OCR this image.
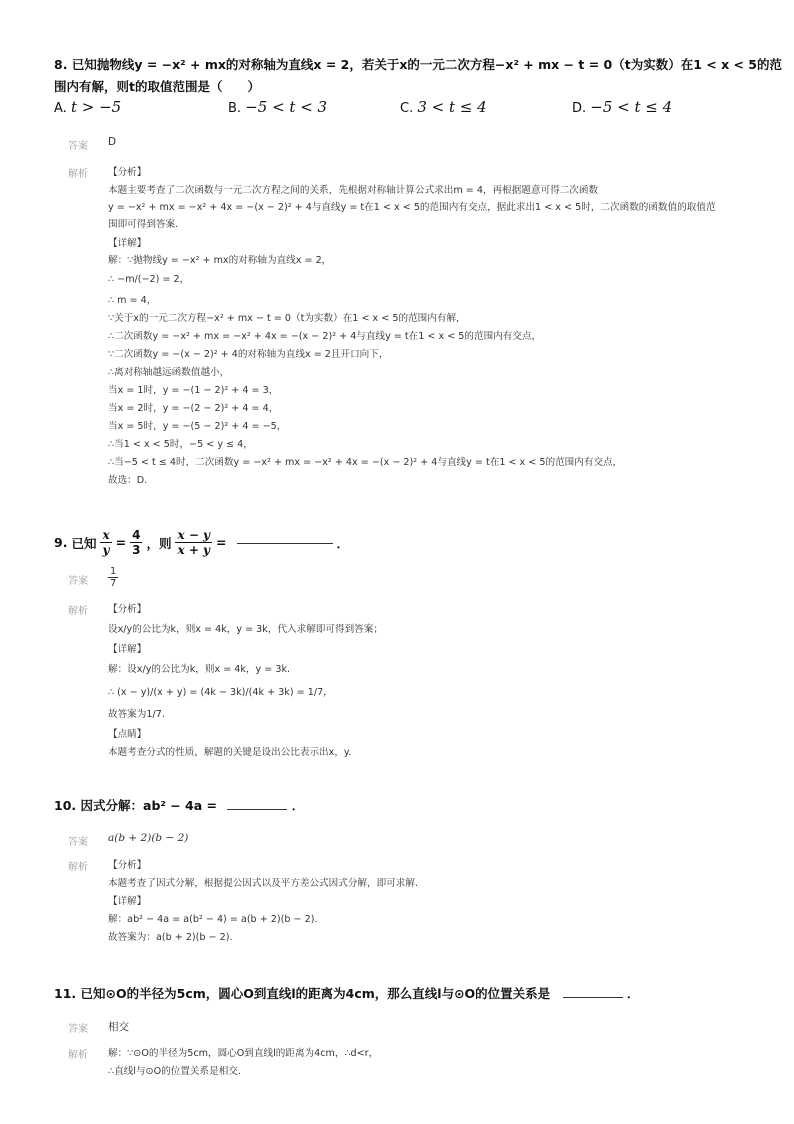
8. 已知抛物线y = −x² + mx的对称轴为直线x = 2，若关于x的一元二次方程−x² + mx − t = 0（t为实数）在1 < x < 5的范
围内有解，则t的取值范围是（　　）
A. t > −5	B. −5 < t < 3	C. 3 < t ≤ 4	D. −5 < t ≤ 4
答案 D
解析 【分析】
本题主要考查了二次函数与一元二次方程之间的关系，先根据对称轴计算公式求出m = 4，再根据题意可得二次函数
y = −x² + mx = −x² + 4x = −(x − 2)² + 4与直线y = t在1 < x < 5的范围内有交点，据此求出1 < x < 5时，二次函数的函数值的取值范
围即可得到答案.
【详解】
解：∵抛物线y = −x² + mx的对称轴为直线x = 2，
∴ −m/(−2) = 2，
∴ m = 4，
∵关于x的一元二次方程−x² + mx − t = 0（t为实数）在1 < x < 5的范围内有解，
∴二次函数y = −x² + mx = −x² + 4x = −(x − 2)² + 4与直线y = t在1 < x < 5的范围内有交点，
∵二次函数y = −(x − 2)² + 4的对称轴为直线x = 2且开口向下，
∴离对称轴越远函数值越小，
当x = 1时，y = −(1 − 2)² + 4 = 3，
当x = 2时，y = −(2 − 2)² + 4 = 4，
当x = 5时，y = −(5 − 2)² + 4 = −5，
∴当1 < x < 5时，−5 < y ≤ 4，
∴当−5 < t ≤ 4时，二次函数y = −x² + mx = −x² + 4x = −(x − 2)² + 4与直线y = t在1 < x < 5的范围内有交点，
故选：D.
9. 已知 $\frac{x}{y} = \frac{4}{3}$ ，则 $\frac{x - y}{x + y}$ =	．
答案 $\frac{1}{7}$
解析 【分析】
设x/y的公比为k，则x = 4k，y = 3k，代入求解即可得到答案；
【详解】
解：设x/y的公比为k，则x = 4k，y = 3k.
∴ (x − y)/(x + y) = (4k − 3k)/(4k + 3k) = 1/7，
故答案为1/7.
【点睛】
本题考查分式的性质，解题的关键是设出公比表示出x，y.
10. 因式分解：ab² − 4a =	．
答案 a(b + 2)(b − 2)
解析 【分析】
本题考查了因式分解，根据提公因式以及平方差公式因式分解，即可求解.
【详解】
解：ab² − 4a = a(b² − 4) = a(b + 2)(b − 2).
故答案为：a(b + 2)(b − 2).
11. 已知⊙O的半径为5cm，圆心O到直线l的距离为4cm，那么直线l与⊙O的位置关系是	．
答案 相交
解析 解：∵⊙O的半径为5cm，圆心O到直线l的距离为4cm，∴d<r，
∴直线l与⊙O的位置关系是相交.
